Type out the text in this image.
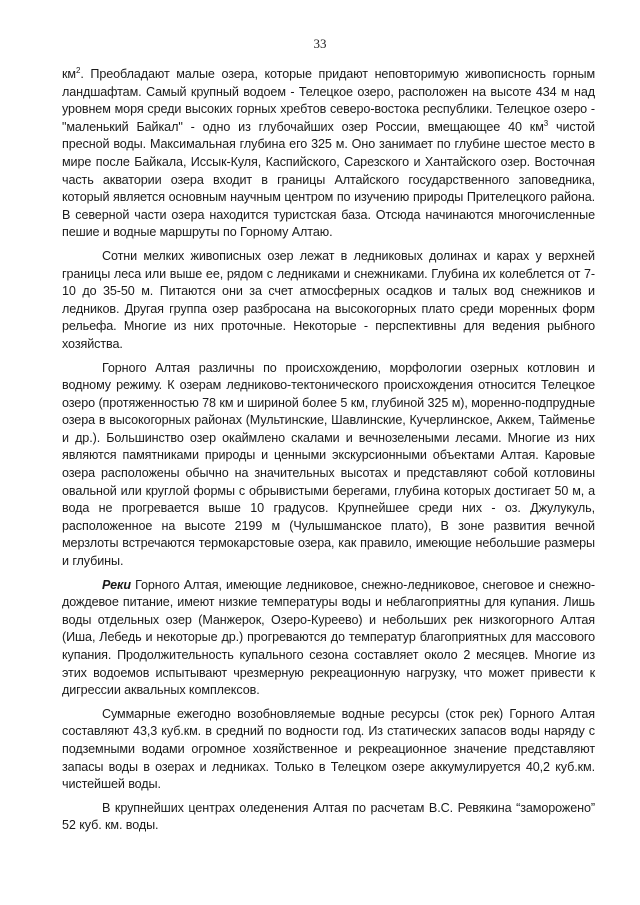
33

$км^2$. Преобладают малые озера, которые придают неповторимую живописность горным ландшафтам. Самый крупный водоем - Телецкое озеро, расположен на высоте 434 м над уровнем моря среди высоких горных хребтов северо-востока республики. Телецкое озеро - "маленький Байкал" - одно из глубочайших озер России, вмещающее 40 $км^3$ чистой пресной воды. Максимальная глубина его 325 м. Оно занимает по глубине шестое место в мире после Байкала, Иссык-Куля, Каспийского, Сарезского и Хантайского озер. Восточная часть акватории озера входит в границы Алтайского государственного заповедника, который является основным научным центром по изучению природы Прителецкого района. В северной части озера находится туристская база. Отсюда начинаются многочисленные пешие и водные маршруты по Горному Алтаю.

Сотни мелких живописных озер лежат в ледниковых долинах и карах у верхней границы леса или выше ее, рядом с ледниками и снежниками. Глубина их колеблется от 7-10 до 35-50 м. Питаются они за счет атмосферных осадков и талых вод снежников и ледников. Другая группа озер разбросана на высокогорных плато среди моренных форм рельефа. Многие из них проточные. Некоторые - перспективны для ведения рыбного хозяйства.

Горного Алтая различны по происхождению, морфологии озерных котловин и водному режиму. К озерам ледниково-тектонического происхождения относится Телецкое озеро (протяженностью 78 км и шириной более 5 км, глубиной 325 м), моренно-подпрудные озера в высокогорных районах (Мультинские, Шавлинские, Кучерлинское, Аккем, Тайменье и др.). Большинство озер окаймлено скалами и вечнозелеными лесами. Многие из них являются памятниками природы и ценными экскурсионными объектами Алтая. Каровые озера расположены обычно на значительных высотах и представляют собой котловины овальной или круглой формы с обрывистыми берегами, глубина которых достигает 50 м, а вода не прогревается выше 10 градусов. Крупнейшее среди них - оз. Джулукуль, расположенное на высоте 2199 м (Чулышманское плато), В зоне развития вечной мерзлоты встречаются термокарстовые озера, как правило, имеющие небольшие размеры и глубины.

Реки Горного Алтая, имеющие ледниковое, снежно-ледниковое, снеговое и снежно-дождевое питание, имеют низкие температуры воды и неблагоприятны для купания. Лишь воды отдельных озер (Манжерок, Озеро-Куреево) и небольших рек низкогорного Алтая (Иша, Лебедь и некоторые др.) прогреваются до температур благоприятных для массового купания. Продолжительность купального сезона составляет около 2 месяцев. Многие из этих водоемов испытывают чрезмерную рекреационную нагрузку, что может привести к дигрессии аквальных комплексов.

Суммарные ежегодно возобновляемые водные ресурсы (сток рек) Горного Алтая составляют 43,3 куб.км. в средний по водности год. Из статических запасов воды наряду с подземными водами огромное хозяйственное и рекреационное значение представляют запасы воды в озерах и ледниках. Только в Телецком озере аккумулируется 40,2 куб.км. чистейшей воды.

В крупнейших центрах оледенения Алтая по расчетам В.С. Ревякина “заморожено” 52 куб. км. воды.
